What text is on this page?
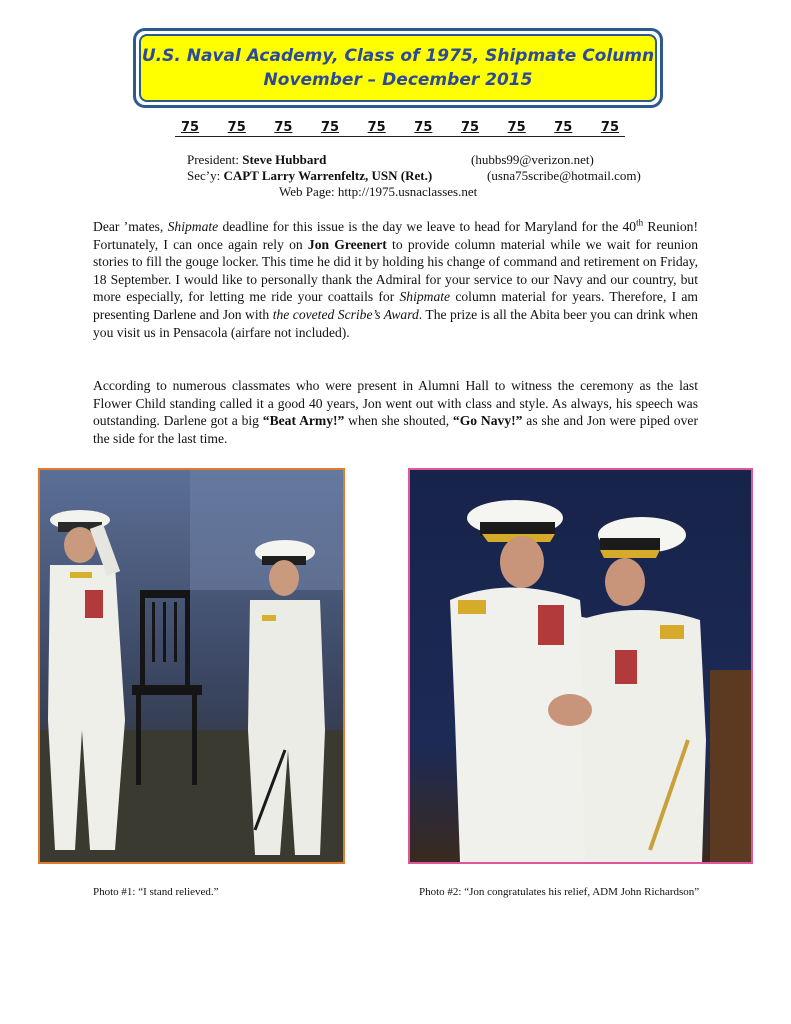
U.S. Naval Academy, Class of 1975, Shipmate Column
November – December 2015
75 75 75 75 75 75 75 75 75 75
President: Steve Hubbard	(hubbs99@verizon.net)
Sec’y: CAPT Larry Warrenfeltz, USN (Ret.)	(usna75scribe@hotmail.com)
Web Page: http://1975.usnaclasses.net

Dear ’mates, Shipmate deadline for this issue is the day we leave to head for Maryland for the 40th Reunion! Fortunately, I can once again rely on Jon Greenert to provide column material while we wait for reunion stories to fill the gouge locker. This time he did it by holding his change of command and retirement on Friday, 18 September. I would like to personally thank the Admiral for your service to our Navy and our country, but more especially, for letting me ride your coattails for Shipmate column material for years. Therefore, I am presenting Darlene and Jon with the coveted Scribe’s Award. The prize is all the Abita beer you can drink when you visit us in Pensacola (airfare not included).

According to numerous classmates who were present in Alumni Hall to witness the ceremony as the last Flower Child standing called it a good 40 years, Jon went out with class and style. As always, his speech was outstanding. Darlene got a big “Beat Army!” when she shouted, “Go Navy!” as she and Jon were piped over the side for the last time.

Photo #1: “I stand relieved.”	Photo #2: “Jon congratulates his relief, ADM John Richardson”
